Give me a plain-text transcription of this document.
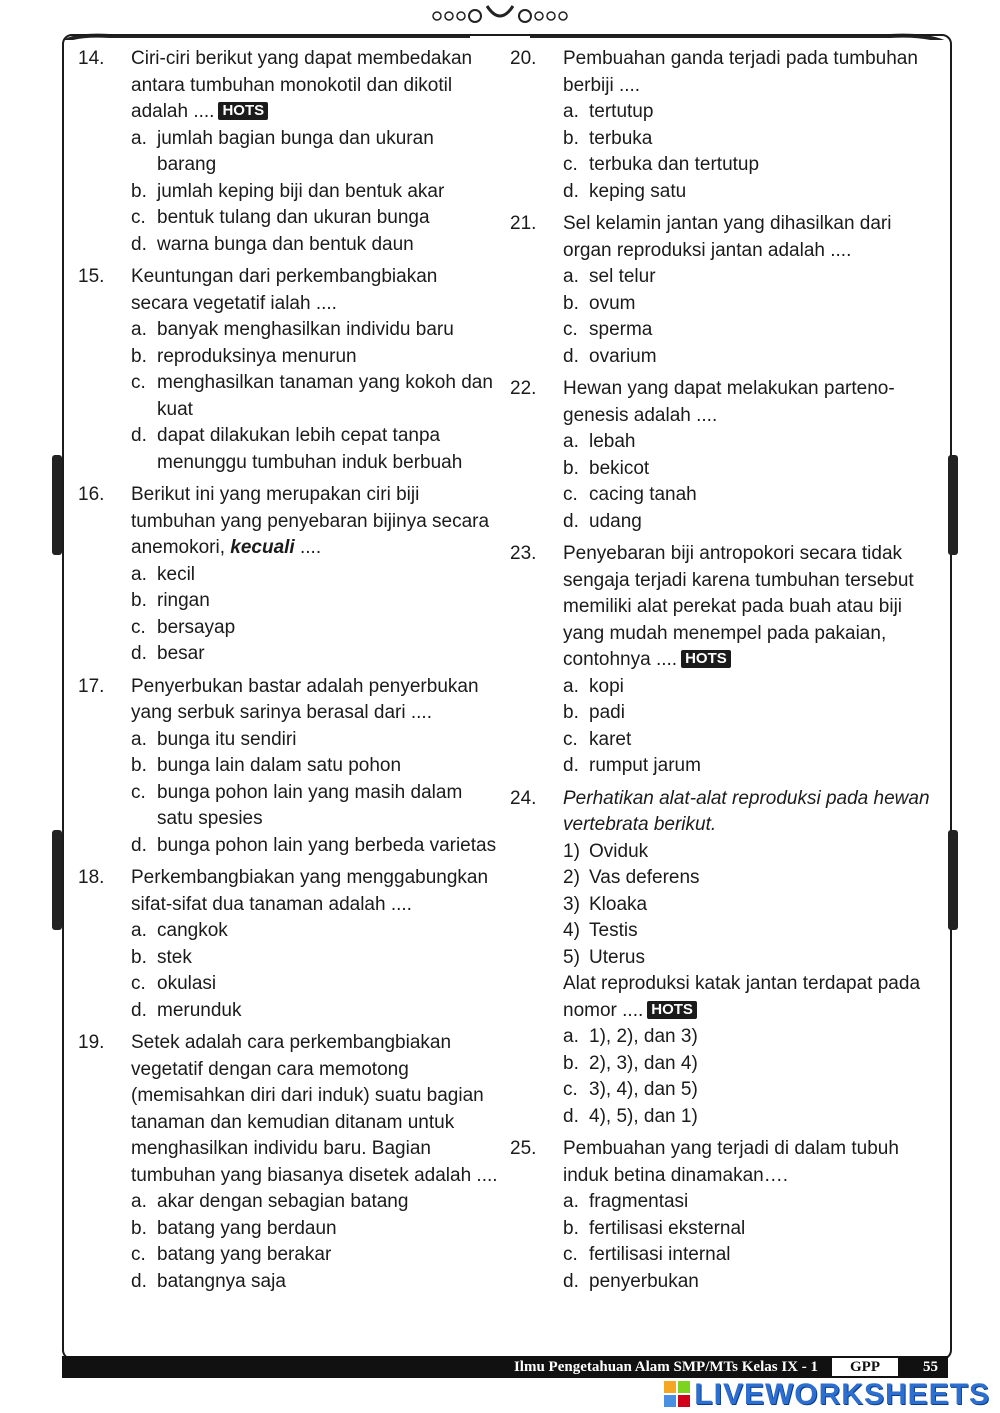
14. Ciri-ciri berikut yang dapat membedakan antara tumbuhan monokotil dan dikotil adalah .... HOTS
a. jumlah bagian bunga dan ukuran barang
b. jumlah keping biji dan bentuk akar
c. bentuk tulang dan ukuran bunga
d. warna bunga dan bentuk daun
15. Keuntungan dari perkembangbiakan secara vegetatif ialah ....
a. banyak menghasilkan individu baru
b. reproduksinya menurun
c. menghasilkan tanaman yang kokoh dan kuat
d. dapat dilakukan lebih cepat tanpa menunggu tumbuhan induk berbuah
16. Berikut ini yang merupakan ciri biji tumbuhan yang penyebaran bijinya secara anemokori, kecuali ....
a. kecil
b. ringan
c. bersayap
d. besar
17. Penyerbukan bastar adalah penyerbukan yang serbuk sarinya berasal dari ....
a. bunga itu sendiri
b. bunga lain dalam satu pohon
c. bunga pohon lain yang masih dalam satu spesies
d. bunga pohon lain yang berbeda varietas
18. Perkembangbiakan yang menggabungkan sifat-sifat dua tanaman adalah ....
a. cangkok
b. stek
c. okulasi
d. merunduk
19. Setek adalah cara perkembangbiakan vegetatif dengan cara memotong (memisahkan diri dari induk) suatu bagian tanaman dan kemudian ditanam untuk menghasilkan individu baru. Bagian tumbuhan yang biasanya disetek adalah ....
a. akar dengan sebagian batang
b. batang yang berdaun
c. batang yang berakar
d. batangnya saja
20. Pembuahan ganda terjadi pada tumbuhan berbiji ....
a. tertutup
b. terbuka
c. terbuka dan tertutup
d. keping satu
21. Sel kelamin jantan yang dihasilkan dari organ reproduksi jantan adalah ....
a. sel telur
b. ovum
c. sperma
d. ovarium
22. Hewan yang dapat melakukan parteno-genesis adalah ....
a. lebah
b. bekicot
c. cacing tanah
d. udang
23. Penyebaran biji antropokori secara tidak sengaja terjadi karena tumbuhan tersebut memiliki alat perekat pada buah atau biji yang mudah menempel pada pakaian, contohnya .... HOTS
a. kopi
b. padi
c. karet
d. rumput jarum
24. Perhatikan alat-alat reproduksi pada hewan vertebrata berikut.
1) Oviduk
2) Vas deferens
3) Kloaka
4) Testis
5) Uterus
Alat reproduksi katak jantan terdapat pada nomor .... HOTS
a. 1), 2), dan 3)
b. 2), 3), dan 4)
c. 3), 4), dan 5)
d. 4), 5), dan 1)
25. Pembuahan yang terjadi di dalam tubuh induk betina dinamakan….
a. fragmentasi
b. fertilisasi eksternal
c. fertilisasi internal
d. penyerbukan
Ilmu Pengetahuan Alam SMP/MTs Kelas IX - 1	GPP	55
LIVEWORKSHEETS
